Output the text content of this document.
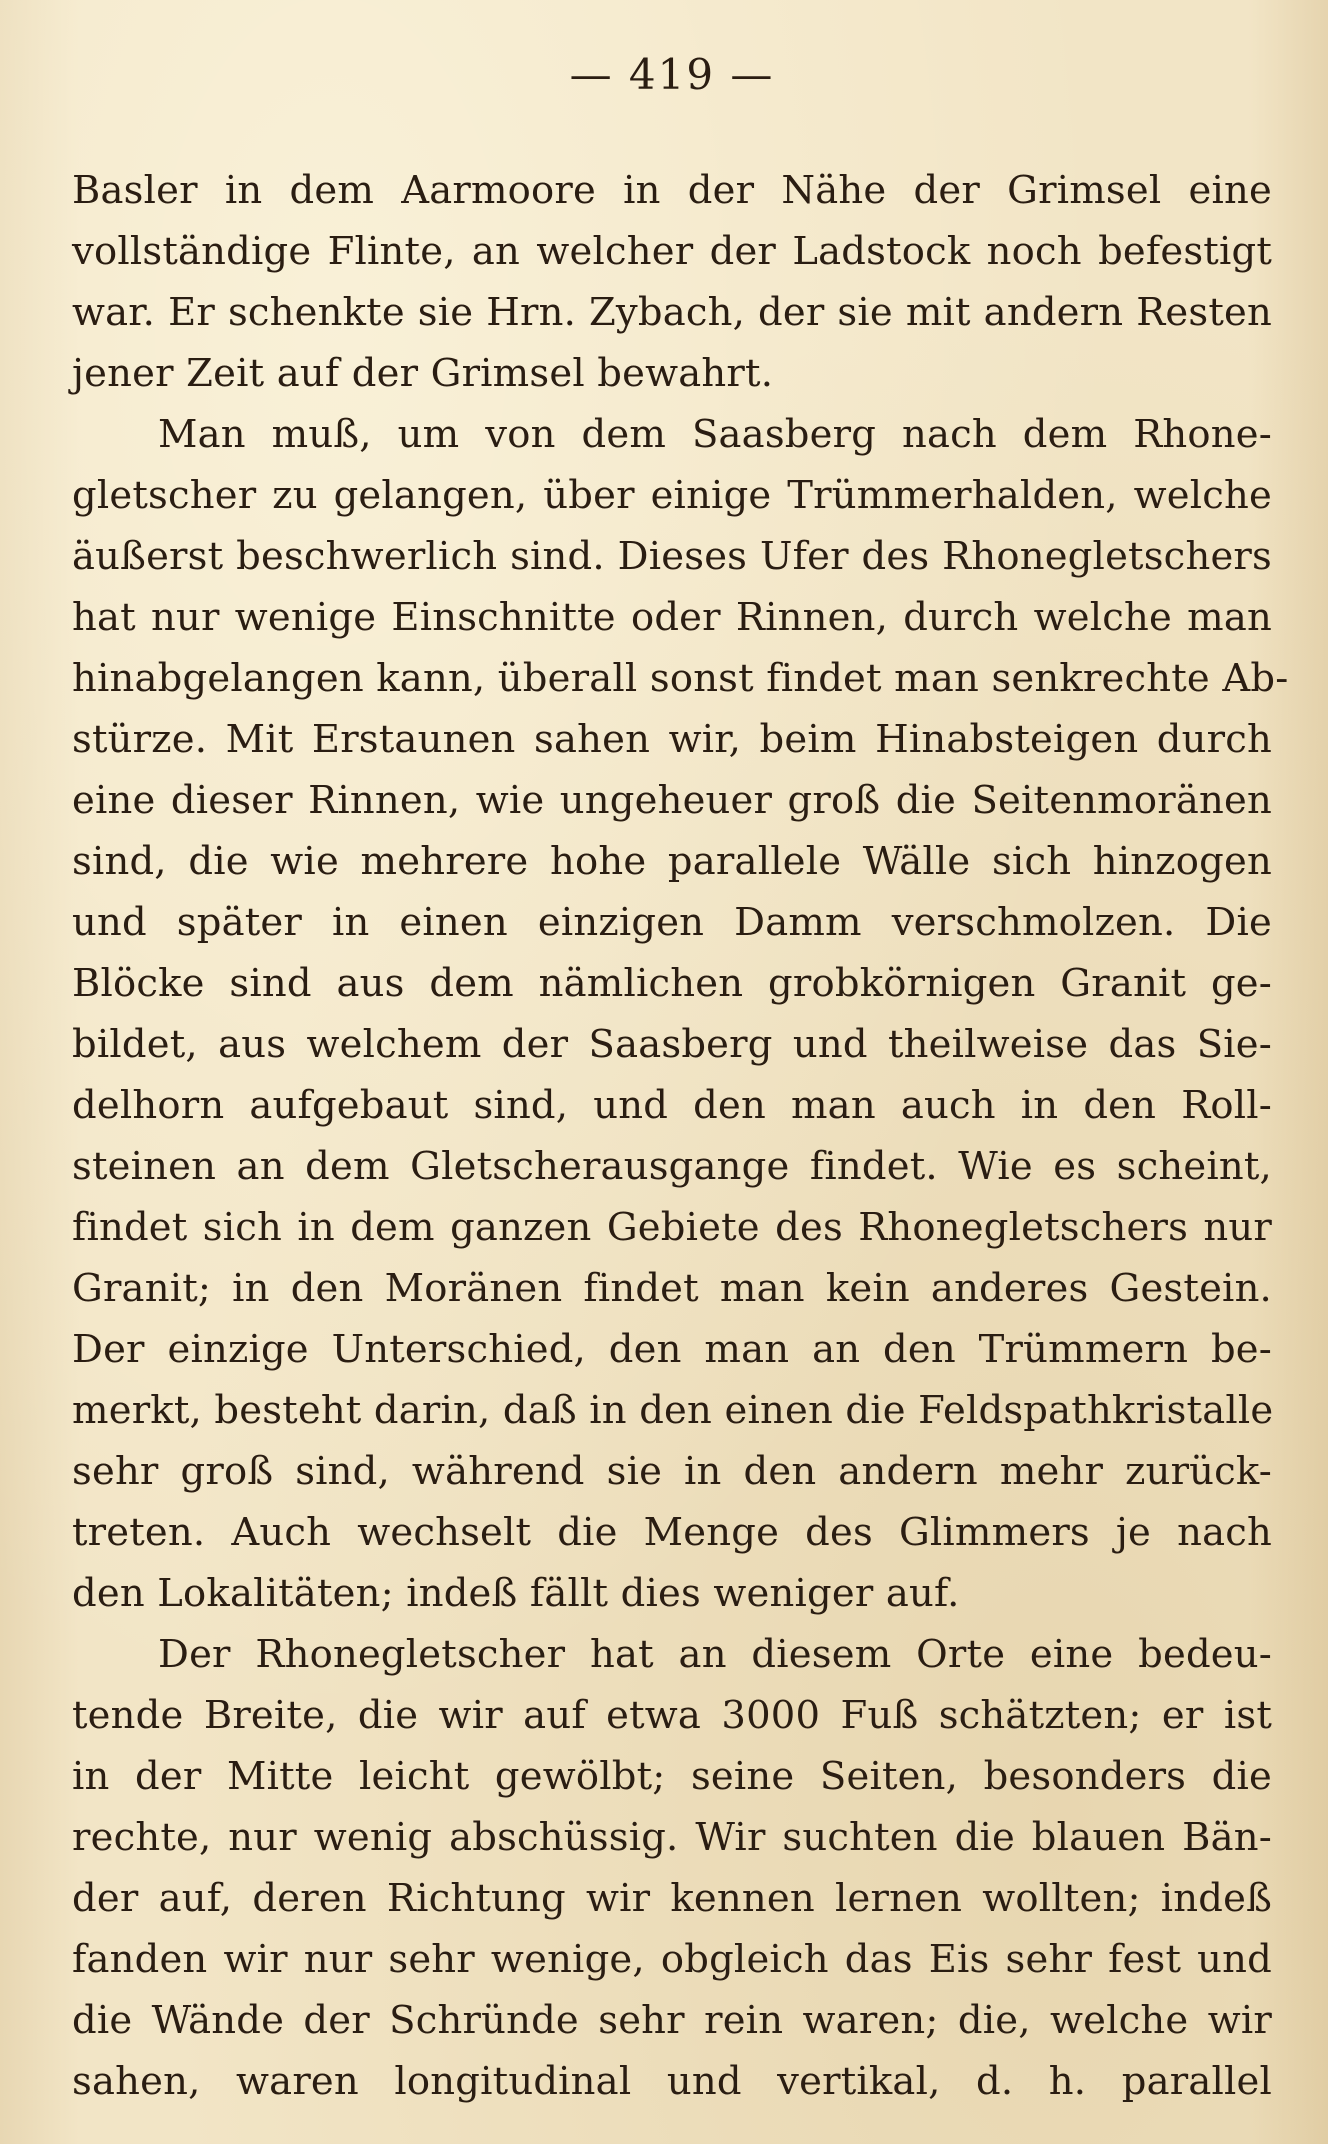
— 419 —
Basler in dem Aarmoore in der Nähe der Grimsel eine
vollständige Flinte, an welcher der Ladstock noch befestigt
war. Er schenkte sie Hrn. Zybach, der sie mit andern Resten
jener Zeit auf der Grimsel bewahrt.
Man muß, um von dem Saasberg nach dem Rhone-
gletscher zu gelangen, über einige Trümmerhalden, welche
äußerst beschwerlich sind. Dieses Ufer des Rhonegletschers
hat nur wenige Einschnitte oder Rinnen, durch welche man
hinabgelangen kann, überall sonst findet man senkrechte Ab-
stürze. Mit Erstaunen sahen wir, beim Hinabsteigen durch
eine dieser Rinnen, wie ungeheuer groß die Seitenmoränen
sind, die wie mehrere hohe parallele Wälle sich hinzogen
und später in einen einzigen Damm verschmolzen. Die
Blöcke sind aus dem nämlichen grobkörnigen Granit ge-
bildet, aus welchem der Saasberg und theilweise das Sie-
delhorn aufgebaut sind, und den man auch in den Roll-
steinen an dem Gletscherausgange findet. Wie es scheint,
findet sich in dem ganzen Gebiete des Rhonegletschers nur
Granit; in den Moränen findet man kein anderes Gestein.
Der einzige Unterschied, den man an den Trümmern be-
merkt, besteht darin, daß in den einen die Feldspathkristalle
sehr groß sind, während sie in den andern mehr zurück-
treten. Auch wechselt die Menge des Glimmers je nach
den Lokalitäten; indeß fällt dies weniger auf.
Der Rhonegletscher hat an diesem Orte eine bedeu-
tende Breite, die wir auf etwa 3000 Fuß schätzten; er ist
in der Mitte leicht gewölbt; seine Seiten, besonders die
rechte, nur wenig abschüssig. Wir suchten die blauen Bän-
der auf, deren Richtung wir kennen lernen wollten; indeß
fanden wir nur sehr wenige, obgleich das Eis sehr fest und
die Wände der Schründe sehr rein waren; die, welche wir
sahen, waren longitudinal und vertikal, d. h. parallel
